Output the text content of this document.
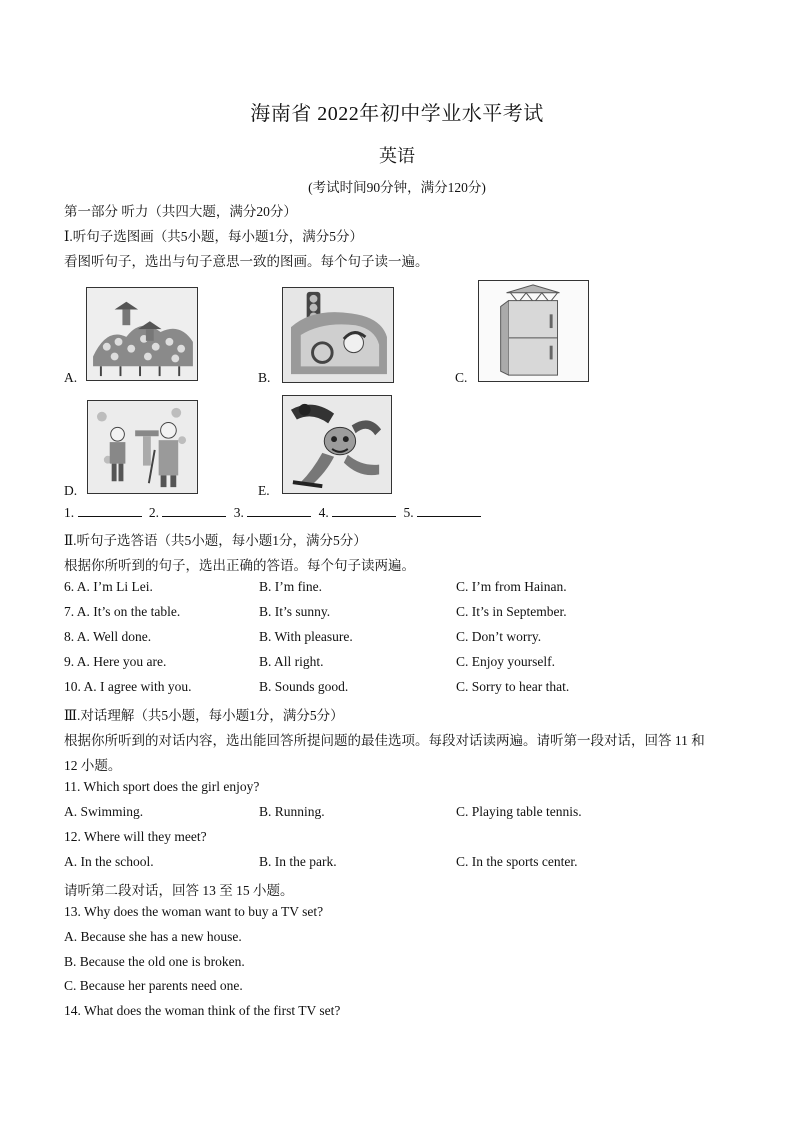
海南省 2022年初中学业水平考试
英语
(考试时间90分钟，满分120分)
第一部分 听力（共四大题，满分20分）
Ⅰ.听句子选图画（共5小题，每小题1分，满分5分）
看图听句子，选出与句子意思一致的图画。每个句子读一遍。
A.	B.	C.
D.	E.
1.	2.	3.	4.	5.
Ⅱ.听句子选答语（共5小题，每小题1分，满分5分）
根据你所听到的句子，选出正确的答语。每个句子读两遍。
6. A. I’m Li Lei.	B. I’m fine.	C. I’m from Hainan.
7. A. It’s on the table.	B. It’s sunny.	C. It’s in September.
8. A. Well done.	B. With pleasure.	C. Don’t worry.
9. A. Here you are.	B. All right.	C. Enjoy yourself.
10. A. I agree with you.	B. Sounds good.	C. Sorry to hear that.
Ⅲ.对话理解（共5小题，每小题1分，满分5分）
根据你所听到的对话内容，选出能回答所提问题的最佳选项。每段对话读两遍。请听第一段对话，回答 11 和
12 小题。
11. Which sport does the girl enjoy?
A. Swimming.	B. Running.	C. Playing table tennis.
12. Where will they meet?
A. In the school.	B. In the park.	C. In the sports center.
请听第二段对话，回答 13 至 15 小题。
13. Why does the woman want to buy a TV set?
A. Because she has a new house.
B. Because the old one is broken.
C. Because her parents need one.
14. What does the woman think of the first TV set?
